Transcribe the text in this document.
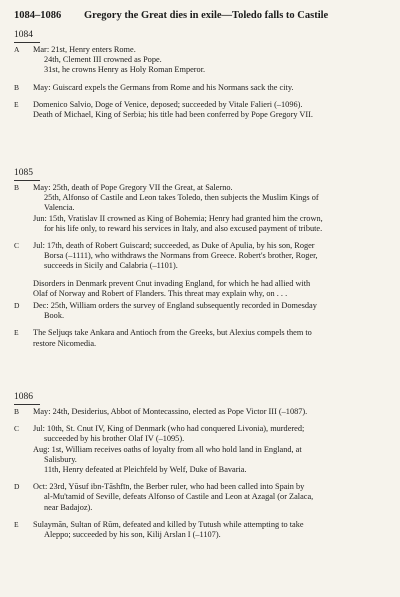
1084–1086 Gregory the Great dies in exile—Toledo falls to Castile
1084
A Mar: 21st, Henry enters Rome.
24th, Clement III crowned as Pope.
31st, he crowns Henry as Holy Roman Emperor.
B May: Guiscard expels the Germans from Rome and his Normans sack the city.
E Domenico Salvio, Doge of Venice, deposed; succeeded by Vitale Falieri (–1096).
Death of Michael, King of Serbia; his title had been conferred by Pope Gregory VII.
1085
B May: 25th, death of Pope Gregory VII the Great, at Salerno.
25th, Alfonso of Castile and Leon takes Toledo, then subjects the Muslim Kings of
Valencia.
Jun: 15th, Vratislav II crowned as King of Bohemia; Henry had granted him the crown,
for his life only, to reward his services in Italy, and also excused payment of tribute.
C Jul: 17th, death of Robert Guiscard; succeeded, as Duke of Apulia, by his son, Roger
Borsa (–1111), who withdraws the Normans from Greece. Robert's brother, Roger,
succeeds in Sicily and Calabria (–1101).
Disorders in Denmark prevent Cnut invading England, for which he had allied with
Olaf of Norway and Robert of Flanders. This threat may explain why, on . . .
D Dec: 25th, William orders the survey of England subsequently recorded in Domesday
Book.
E The Seljuqs take Ankara and Antioch from the Greeks, but Alexius compels them to
restore Nicomedia.
1086
B May: 24th, Desiderius, Abbot of Montecassino, elected as Pope Victor III (–1087).
C Jul: 10th, St. Cnut IV, King of Denmark (who had conquered Livonia), murdered;
succeeded by his brother Olaf IV (–1095).
Aug: 1st, William receives oaths of loyalty from all who hold land in England, at
Salisbury.
11th, Henry defeated at Pleichfeld by Welf, Duke of Bavaria.
D Oct: 23rd, Yūsuf ibn-Tāshfīn, the Berber ruler, who had been called into Spain by
al-Mu'tamid of Seville, defeats Alfonso of Castile and Leon at Azagal (or Zalaca,
near Badajoz).
E Sulaymān, Sultan of Rūm, defeated and killed by Tutush while attempting to take
Aleppo; succeeded by his son, Kilij Arslan I (–1107).
